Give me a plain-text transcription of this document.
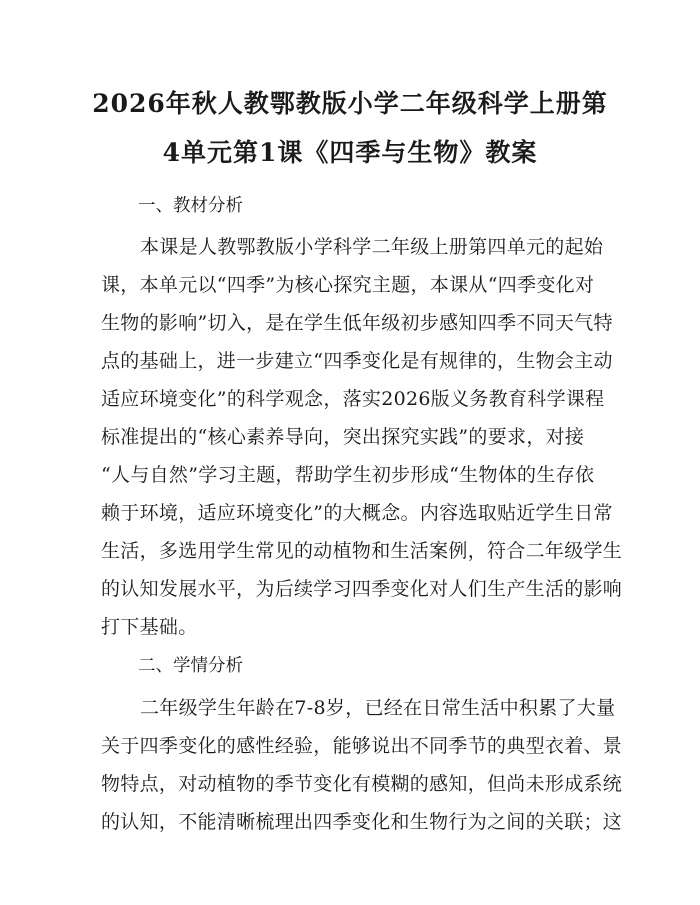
2026年秋人教鄂教版小学二年级科学上册第
4单元第1课《四季与生物》教案
一、教材分析
本课是人教鄂教版小学科学二年级上册第四单元的起始
课，本单元以“四季”为核心探究主题，本课从“四季变化对
生物的影响”切入，是在学生低年级初步感知四季不同天气特
点的基础上，进一步建立“四季变化是有规律的，生物会主动
适应环境变化”的科学观念，落实2026版义务教育科学课程
标准提出的“核心素养导向，突出探究实践”的要求，对接
“人与自然”学习主题，帮助学生初步形成“生物体的生存依
赖于环境，适应环境变化”的大概念。内容选取贴近学生日常
生活，多选用学生常见的动植物和生活案例，符合二年级学生
的认知发展水平，为后续学习四季变化对人们生产生活的影响
打下基础。
二、学情分析
二年级学生年龄在7-8岁，已经在日常生活中积累了大量
关于四季变化的感性经验，能够说出不同季节的典型衣着、景
物特点，对动植物的季节变化有模糊的感知，但尚未形成系统
的认知，不能清晰梳理出四季变化和生物行为之间的关联；这
